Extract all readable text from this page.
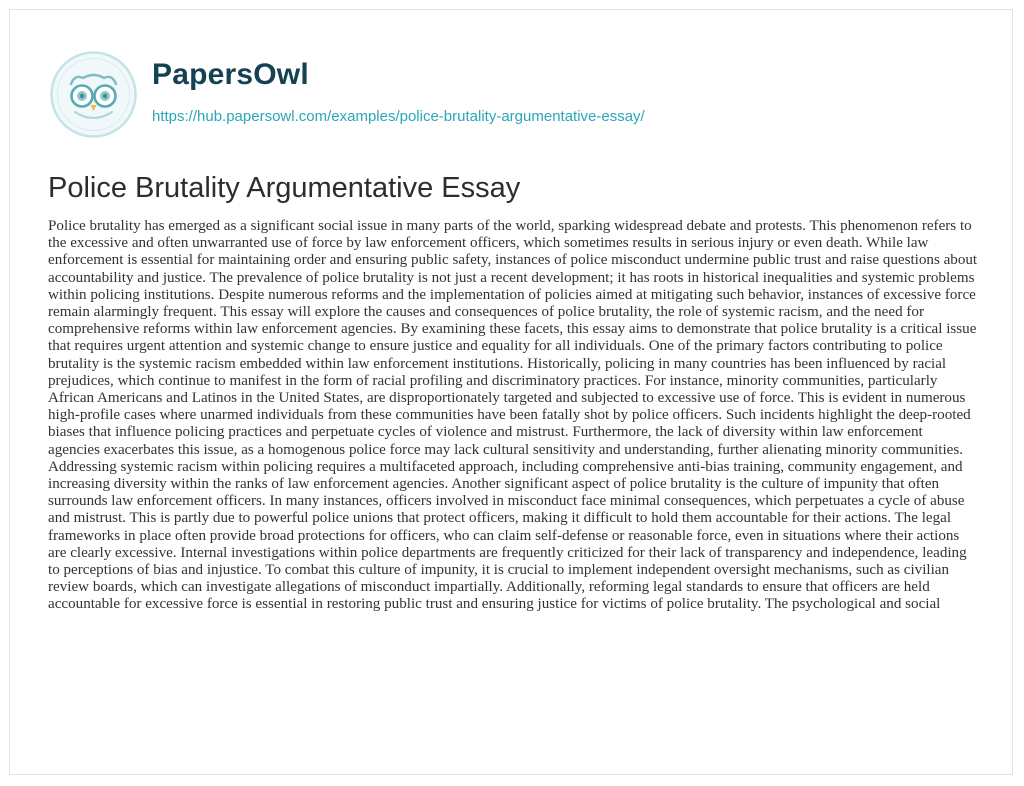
PapersOwl
https://hub.papersowl.com/examples/police-brutality-argumentative-essay/
Police Brutality Argumentative Essay

Police brutality has emerged as a significant social issue in many parts of the world, sparking widespread debate and protests. This phenomenon refers to the excessive and often unwarranted use of force by law enforcement officers, which sometimes results in serious injury or even death. While law enforcement is essential for maintaining order and ensuring public safety, instances of police misconduct undermine public trust and raise questions about accountability and justice. The prevalence of police brutality is not just a recent development; it has roots in historical inequalities and systemic problems within policing institutions. Despite numerous reforms and the implementation of policies aimed at mitigating such behavior, instances of excessive force remain alarmingly frequent. This essay will explore the causes and consequences of police brutality, the role of systemic racism, and the need for comprehensive reforms within law enforcement agencies. By examining these facets, this essay aims to demonstrate that police brutality is a critical issue that requires urgent attention and systemic change to ensure justice and equality for all individuals. One of the primary factors contributing to police brutality is the systemic racism embedded within law enforcement institutions. Historically, policing in many countries has been influenced by racial prejudices, which continue to manifest in the form of racial profiling and discriminatory practices. For instance, minority communities, particularly African Americans and Latinos in the United States, are disproportionately targeted and subjected to excessive use of force. This is evident in numerous high-profile cases where unarmed individuals from these communities have been fatally shot by police officers. Such incidents highlight the deep-rooted biases that influence policing practices and perpetuate cycles of violence and mistrust. Furthermore, the lack of diversity within law enforcement agencies exacerbates this issue, as a homogenous police force may lack cultural sensitivity and understanding, further alienating minority communities. Addressing systemic racism within policing requires a multifaceted approach, including comprehensive anti-bias training, community engagement, and increasing diversity within the ranks of law enforcement agencies. Another significant aspect of police brutality is the culture of impunity that often surrounds law enforcement officers. In many instances, officers involved in misconduct face minimal consequences, which perpetuates a cycle of abuse and mistrust. This is partly due to powerful police unions that protect officers, making it difficult to hold them accountable for their actions. The legal frameworks in place often provide broad protections for officers, who can claim self-defense or reasonable force, even in situations where their actions are clearly excessive. Internal investigations within police departments are frequently criticized for their lack of transparency and independence, leading to perceptions of bias and injustice. To combat this culture of impunity, it is crucial to implement independent oversight mechanisms, such as civilian review boards, which can investigate allegations of misconduct impartially. Additionally, reforming legal standards to ensure that officers are held accountable for excessive force is essential in restoring public trust and ensuring justice for victims of police brutality. The psychological and social
